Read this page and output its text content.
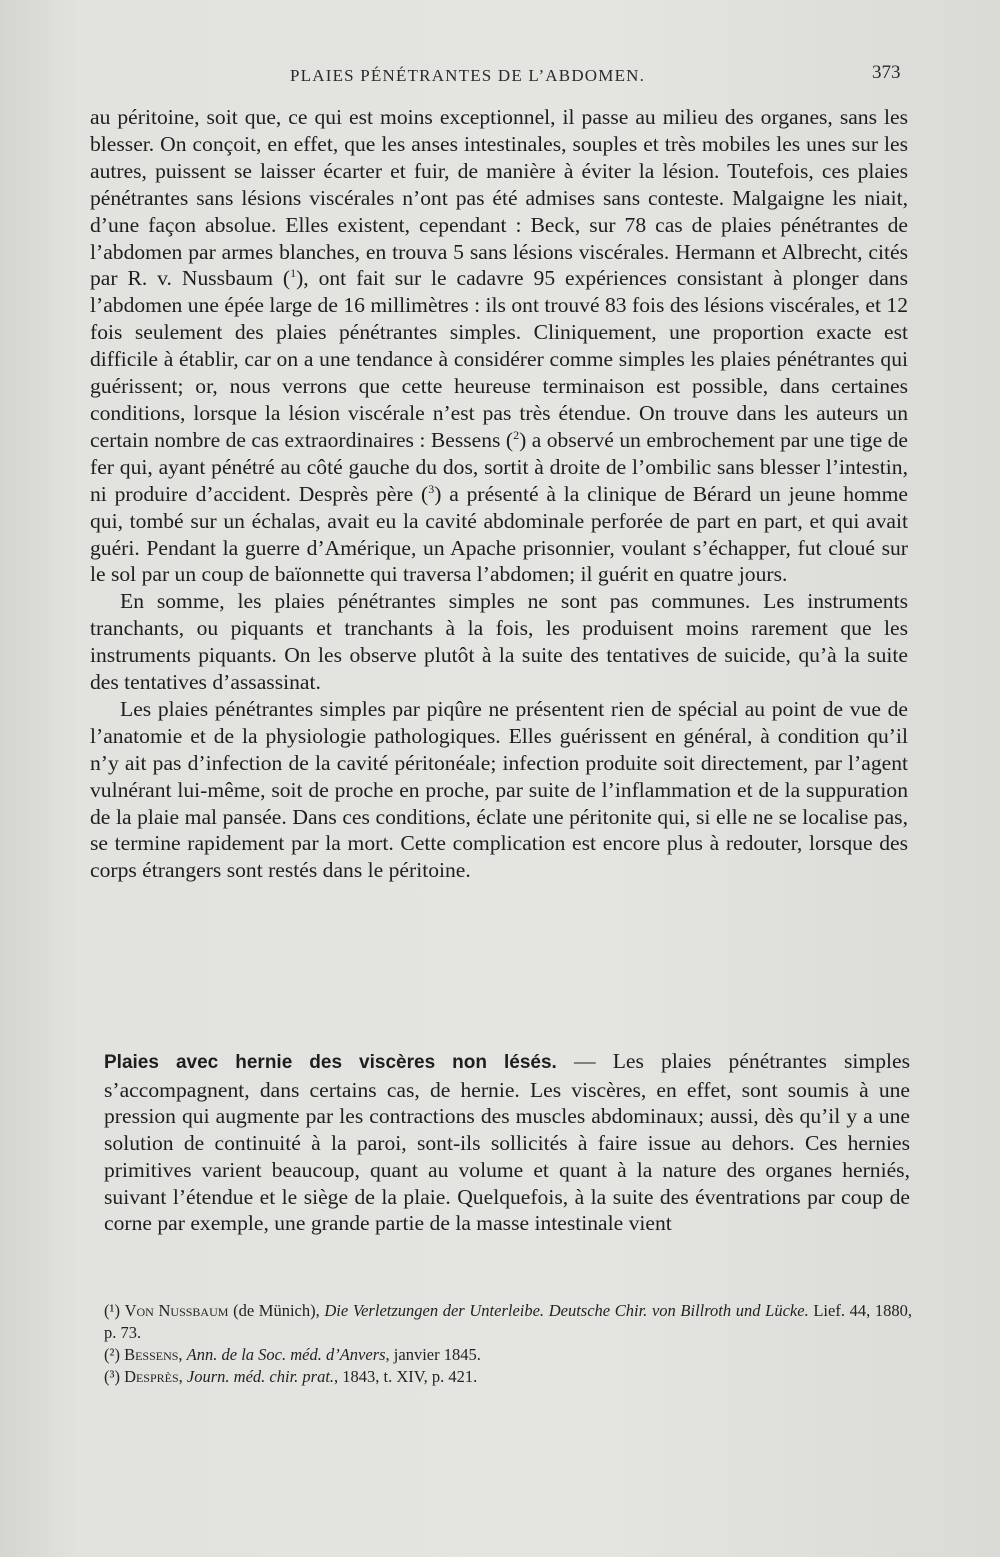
PLAIES PÉNÉTRANTES DE L’ABDOMEN.	373

au péritoine, soit que, ce qui est moins exceptionnel, il passe au milieu des organes, sans les blesser. On conçoit, en effet, que les anses intestinales, souples et très mobiles les unes sur les autres, puissent se laisser écarter et fuir, de manière à éviter la lésion. Toutefois, ces plaies pénétrantes sans lésions viscérales n’ont pas été admises sans conteste. Malgaigne les niait, d’une façon absolue. Elles existent, cependant : Beck, sur 78 cas de plaies pénétrantes de l’abdomen par armes blanches, en trouva 5 sans lésions viscérales. Hermann et Albrecht, cités par R. v. Nussbaum ($^1$), ont fait sur le cadavre 95 expériences consistant à plonger dans l’abdomen une épée large de 16 millimètres : ils ont trouvé 83 fois des lésions viscérales, et 12 fois seulement des plaies pénétrantes simples. Cliniquement, une proportion exacte est difficile à établir, car on a une tendance à considérer comme simples les plaies pénétrantes qui guérissent; or, nous verrons que cette heureuse terminaison est possible, dans certaines conditions, lorsque la lésion viscérale n’est pas très étendue. On trouve dans les auteurs un certain nombre de cas extraordinaires : Bessens ($^2$) a observé un embrochement par une tige de fer qui, ayant pénétré au côté gauche du dos, sortit à droite de l’ombilic sans blesser l’intestin, ni produire d’accident. Desprès père ($^3$) a présenté à la clinique de Bérard un jeune homme qui, tombé sur un échalas, avait eu la cavité abdominale perforée de part en part, et qui avait guéri. Pendant la guerre d’Amérique, un Apache prisonnier, voulant s’échapper, fut cloué sur le sol par un coup de baïonnette qui traversa l’abdomen; il guérit en quatre jours.

En somme, les plaies pénétrantes simples ne sont pas communes. Les instruments tranchants, ou piquants et tranchants à la fois, les produisent moins rarement que les instruments piquants. On les observe plutôt à la suite des tentatives de suicide, qu’à la suite des tentatives d’assassinat.

Les plaies pénétrantes simples par piqûre ne présentent rien de spécial au point de vue de l’anatomie et de la physiologie pathologiques. Elles guérissent en général, à condition qu’il n’y ait pas d’infection de la cavité péritonéale; infection produite soit directement, par l’agent vulnérant lui-même, soit de proche en proche, par suite de l’inflammation et de la suppuration de la plaie mal pansée. Dans ces conditions, éclate une péritonite qui, si elle ne se localise pas, se termine rapidement par la mort. Cette complication est encore plus à redouter, lorsque des corps étrangers sont restés dans le péritoine.

Plaies avec hernie des viscères non lésés. — Les plaies pénétrantes simples s’accompagnent, dans certains cas, de hernie. Les viscères, en effet, sont soumis à une pression qui augmente par les contractions des muscles abdominaux; aussi, dès qu’il y a une solution de continuité à la paroi, sont-ils sollicités à faire issue au dehors. Ces hernies primitives varient beaucoup, quant au volume et quant à la nature des organes herniés, suivant l’étendue et le siège de la plaie. Quelquefois, à la suite des éventrations par coup de corne par exemple, une grande partie de la masse intestinale vient

(¹) Von Nussbaum (de Münich), Die Verletzungen der Unterleibe. Deutsche Chir. von Billroth und Lücke. Lief. 44, 1880, p. 73.

(²) Bessens, Ann. de la Soc. méd. d’Anvers, janvier 1845.

(³) Desprès, Journ. méd. chir. prat., 1843, t. XIV, p. 421.
